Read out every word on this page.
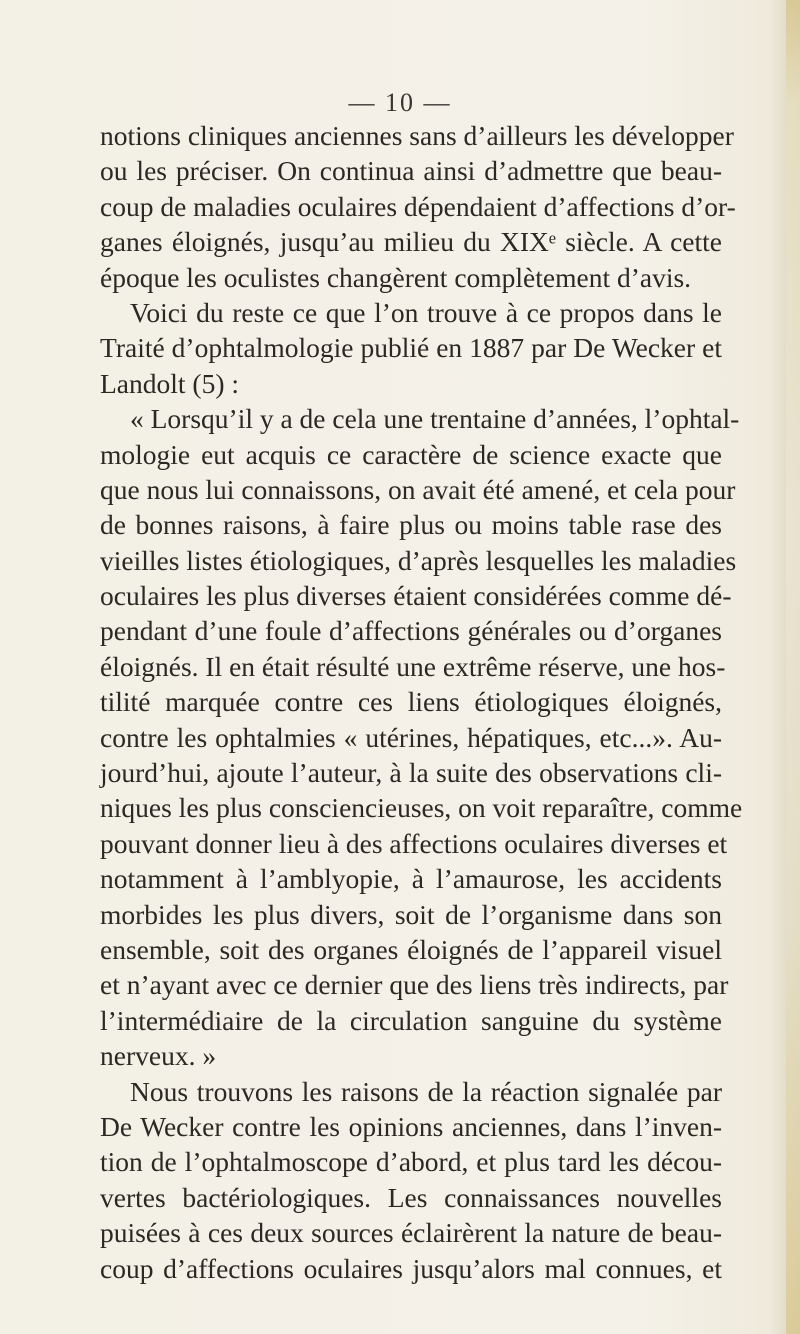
— 10 —
notions cliniques anciennes sans d’ailleurs les développer
ou les préciser. On continua ainsi d’admettre que beau-
coup de maladies oculaires dépendaient d’affections d’or-
ganes éloignés, jusqu’au milieu du XIXᵉ siècle. A cette
époque les oculistes changèrent complètement d’avis.
Voici du reste ce que l’on trouve à ce propos dans le
Traité d’ophtalmologie publié en 1887 par De Wecker et
Landolt (5) :
« Lorsqu’il y a de cela une trentaine d’années, l’ophtal-
mologie eut acquis ce caractère de science exacte que
que nous lui connaissons, on avait été amené, et cela pour
de bonnes raisons, à faire plus ou moins table rase des
vieilles listes étiologiques, d’après lesquelles les maladies
oculaires les plus diverses étaient considérées comme dé-
pendant d’une foule d’affections générales ou d’organes
éloignés. Il en était résulté une extrême réserve, une hos-
tilité marquée contre ces liens étiologiques éloignés,
contre les ophtalmies « utérines, hépatiques, etc...». Au-
jourd’hui, ajoute l’auteur, à la suite des observations cli-
niques les plus consciencieuses, on voit reparaître, comme
pouvant donner lieu à des affections oculaires diverses et
notamment à l’amblyopie, à l’amaurose, les accidents
morbides les plus divers, soit de l’organisme dans son
ensemble, soit des organes éloignés de l’appareil visuel
et n’ayant avec ce dernier que des liens très indirects, par
l’intermédiaire de la circulation sanguine du système
nerveux. »
Nous trouvons les raisons de la réaction signalée par
De Wecker contre les opinions anciennes, dans l’inven-
tion de l’ophtalmoscope d’abord, et plus tard les décou-
vertes bactériologiques. Les connaissances nouvelles
puisées à ces deux sources éclairèrent la nature de beau-
coup d’affections oculaires jusqu’alors mal connues, et
